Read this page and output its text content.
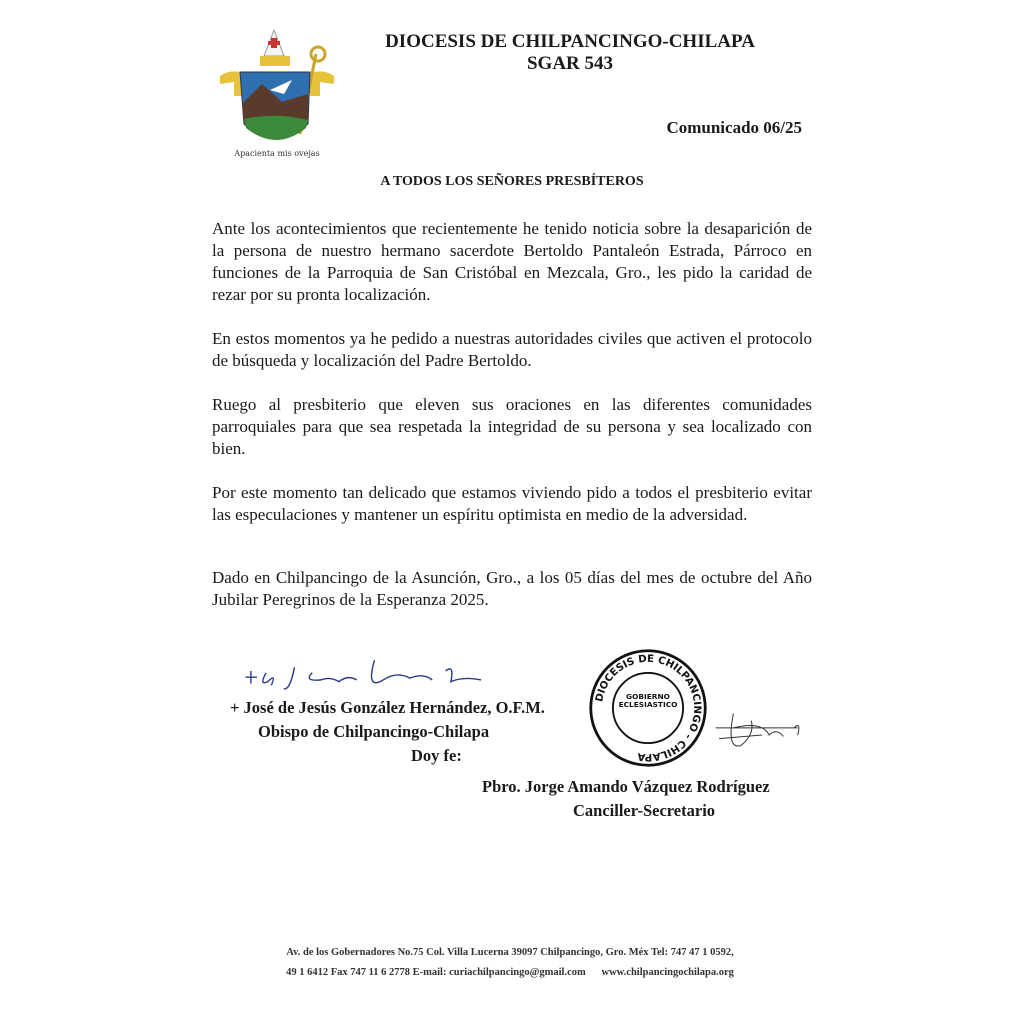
Apacienta mis ovejas
DIOCESIS DE CHILPANCINGO-CHILAPA
SGAR 543
Comunicado 06/25
A TODOS LOS SEÑORES PRESBÍTEROS

Ante los acontecimientos que recientemente he tenido noticia sobre la desaparición de la persona de nuestro hermano sacerdote Bertoldo Pantaleón Estrada, Párroco en funciones de la Parroquia de San Cristóbal en Mezcala, Gro., les pido la caridad de rezar por su pronta localización.

En estos momentos ya he pedido a nuestras autoridades civiles que activen el protocolo de búsqueda y localización del Padre Bertoldo.

Ruego al presbiterio que eleven sus oraciones en las diferentes comunidades parroquiales para que sea respetada la integridad de su persona y sea localizado con bien.

Por este momento tan delicado que estamos viviendo pido a todos el presbiterio evitar las especulaciones y mantener un espíritu optimista en medio de la adversidad.

Dado en Chilpancingo de la Asunción, Gro., a los 05 días del mes de octubre del Año Jubilar Peregrinos de la Esperanza 2025.

DIOCESIS DE CHILPANCINGO - CHILAPA
GOBIERNO ECLESIASTICO
+ José de Jesús González Hernández, O.F.M.
Obispo de Chilpancingo-Chilapa
Doy fe:
Pbro. Jorge Amando Vázquez Rodríguez
Canciller-Secretario
Av. de los Gobernadores No.75 Col. Villa Lucerna 39097 Chilpancingo, Gro. Méx Tel: 747 47 1 0592,
49 1 6412 Fax 747 11 6 2778 E-mail: curiachilpancingo@gmail.com www.chilpancingochilapa.org
